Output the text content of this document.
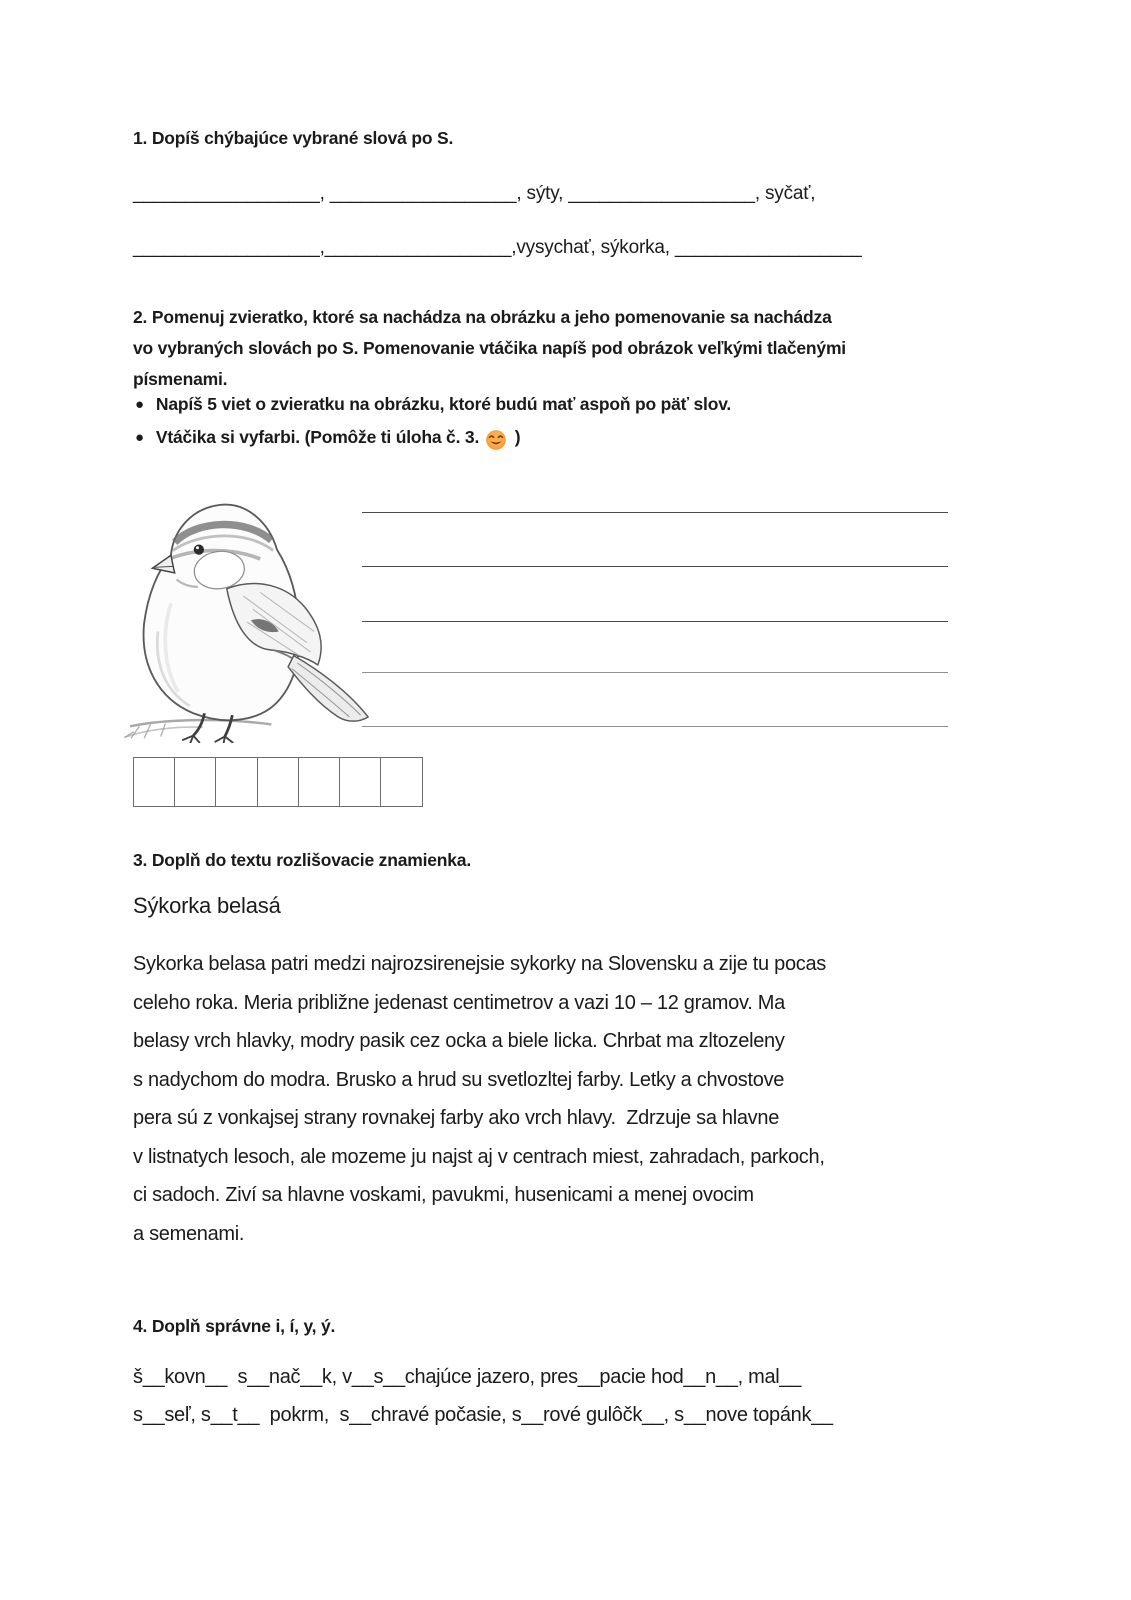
1. Dopíš chýbajúce vybrané slová po S.
__________________, __________________, sýty, __________________, syčať,
__________________,__________________,vysychať, sýkorka, __________________
2. Pomenuj zvieratko, ktoré sa nachádza na obrázku a jeho pomenovanie sa nachádza
vo vybraných slovách po S. Pomenovanie vtáčika napíš pod obrázok veľkými tlačenými
písmenami.
● Napíš 5 viet o zvieratku na obrázku, ktoré budú mať aspoň po päť slov.
● Vtáčika si vyfarbi. (Pomôže ti úloha č. 3. )
3. Doplň do textu rozlišovacie znamienka.
Sýkorka belasá
Sykorka belasa patri medzi najrozsirenejsie sykorky na Slovensku a zije tu pocas
celeho roka. Meria približne jedenast centimetrov a vazi 10 – 12 gramov. Ma
belasy vrch hlavky, modry pasik cez ocka a biele licka. Chrbat ma zltozeleny
s nadychom do modra. Brusko a hrud su svetlozltej farby. Letky a chvostove
pera sú z vonkajsej strany rovnakej farby ako vrch hlavy.  Zdrzuje sa hlavne
v listnatych lesoch, ale mozeme ju najst aj v centrach miest, zahradach, parkoch,
ci sadoch. Ziví sa hlavne voskami, pavukmi, husenicami a menej ovocim
a semenami.
4. Doplň správne i, í, y, ý.
š__kovn__  s__nač__k, v__s__chajúce jazero, pres__pacie hod__n__, mal__
s__seľ, s__t__  pokrm,  s__chravé počasie, s__rové gulôčk__, s__nove topánk__
